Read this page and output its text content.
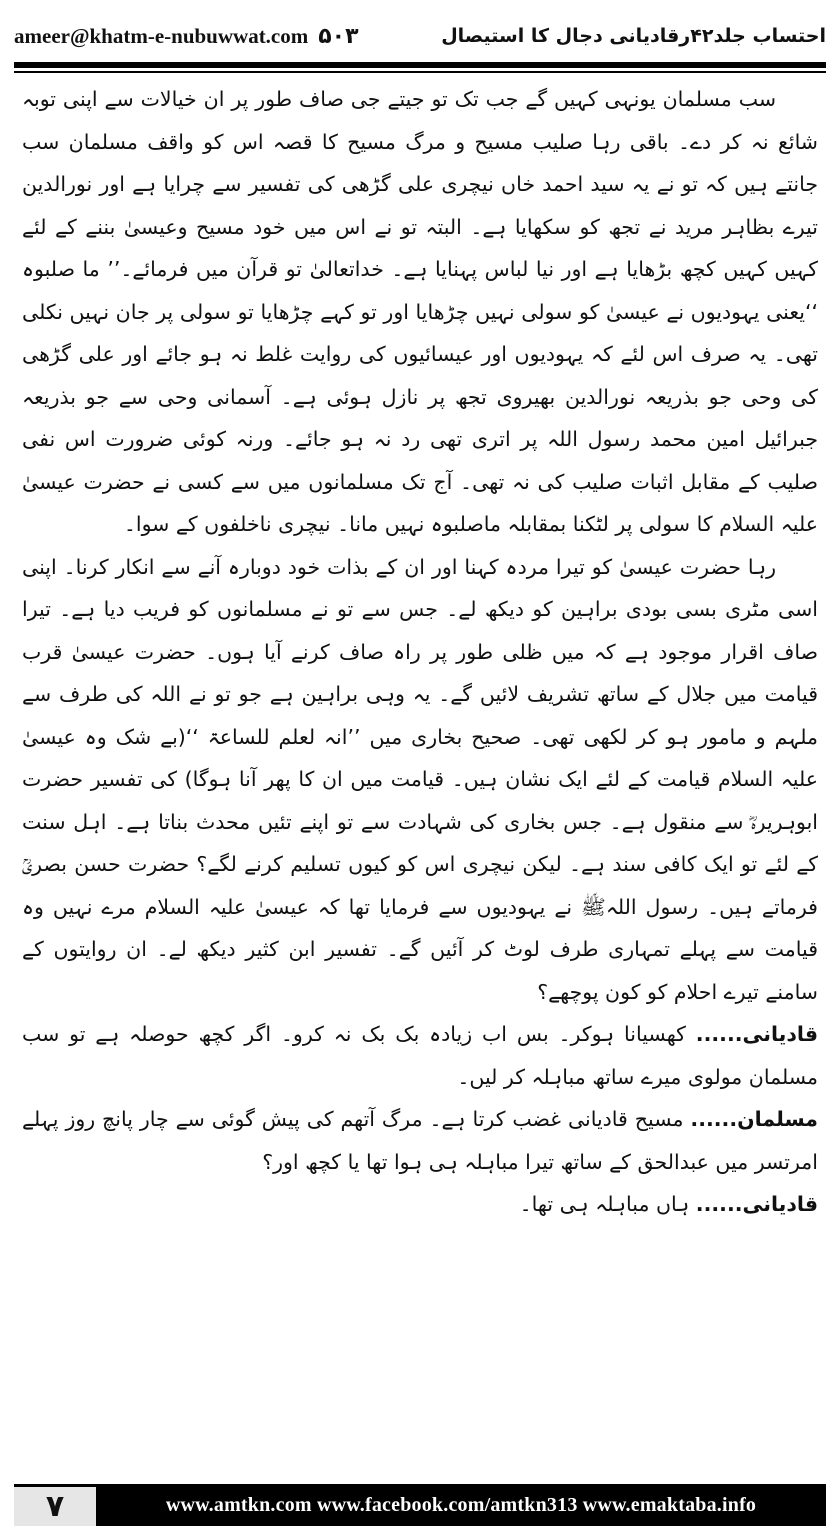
ameer@khatm-e-nubuwwat.com ۵۰۳	احتساب جلد۴۲رقادیانی دجال کا استیصال

سب مسلمان یونہی کہیں گے جب تک تو جیتے جی صاف طور پر ان خیالات سے اپنی توبہ شائع نہ کر دے۔ باقی رہا صلیب مسیح و مرگ مسیح کا قصہ اس کو واقف مسلمان سب جانتے ہیں کہ تو نے یہ سید احمد خاں نیچری علی گڑھی کی تفسیر سے چرایا ہے اور نورالدین تیرے بظاہر مرید نے تجھ کو سکھایا ہے۔ البتہ تو نے اس میں خود مسیح وعیسیٰ بننے کے لئے کہیں کہیں کچھ بڑھایا ہے اور نیا لباس پہنایا ہے۔ خداتعالیٰ تو قرآن میں فرمائے۔’’ ما صلبوہ ‘‘یعنی یہودیوں نے عیسیٰ کو سولی نہیں چڑھایا اور تو کہے چڑھایا تو سولی پر جان نہیں نکلی تھی۔ یہ صرف اس لئے کہ یہودیوں اور عیسائیوں کی روایت غلط نہ ہو جائے اور علی گڑھی کی وحی جو بذریعہ نورالدین بھیروی تجھ پر نازل ہوئی ہے۔ آسمانی وحی سے جو بذریعہ جبرائیل امین محمد رسول اللہ پر اتری تھی رد نہ ہو جائے۔ ورنہ کوئی ضرورت اس نفی صلیب کے مقابل اثبات صلیب کی نہ تھی۔ آج تک مسلمانوں میں سے کسی نے حضرت عیسیٰ علیہ السلام کا سولی پر لٹکنا بمقابلہ ماصلبوہ نہیں مانا۔ نیچری ناخلفوں کے سوا۔

رہا حضرت عیسیٰ کو تیرا مردہ کہنا اور ان کے بذات خود دوبارہ آنے سے انکار کرنا۔ اپنی اسی مٹری بسی بودی براہین کو دیکھ لے۔ جس سے تو نے مسلمانوں کو فریب دیا ہے۔ تیرا صاف اقرار موجود ہے کہ میں ظلی طور پر راہ صاف کرنے آیا ہوں۔ حضرت عیسیٰ قرب قیامت میں جلال کے ساتھ تشریف لائیں گے۔ یہ وہی براہین ہے جو تو نے اللہ کی طرف سے ملہم و مامور ہو کر لکھی تھی۔ صحیح بخاری میں ’’انہ لعلم للساعۃ ‘‘(بے شک وہ عیسیٰ علیہ السلام قیامت کے لئے ایک نشان ہیں۔ قیامت میں ان کا پھر آنا ہوگا) کی تفسیر حضرت ابوہریرہؓ سے منقول ہے۔ جس بخاری کی شہادت سے تو اپنے تئیں محدث بناتا ہے۔ اہل سنت کے لئے تو ایک کافی سند ہے۔ لیکن نیچری اس کو کیوں تسلیم کرنے لگے؟ حضرت حسن بصریؒ فرماتے ہیں۔ رسول اللہﷺ نے یہودیوں سے فرمایا تھا کہ عیسیٰ علیہ السلام مرے نہیں وہ قیامت سے پہلے تمہاری طرف لوٹ کر آئیں گے۔ تفسیر ابن کثیر دیکھ لے۔ ان روایتوں کے سامنے تیرے احلام کو کون پوچھے؟

قادیانی...... کھسیانا ہوکر۔ بس اب زیادہ بک بک نہ کرو۔ اگر کچھ حوصلہ ہے تو سب مسلمان مولوی میرے ساتھ مباہلہ کر لیں۔

مسلمان...... مسیح قادیانی غضب کرتا ہے۔ مرگ آتھم کی پیش گوئی سے چار پانچ روز پہلے امرتسر میں عبدالحق کے ساتھ تیرا مباہلہ ہی ہوا تھا یا کچھ اور؟

قادیانی...... ہاں مباہلہ ہی تھا۔

۷	www.amtkn.com www.facebook.com/amtkn313 www.emaktaba.info
